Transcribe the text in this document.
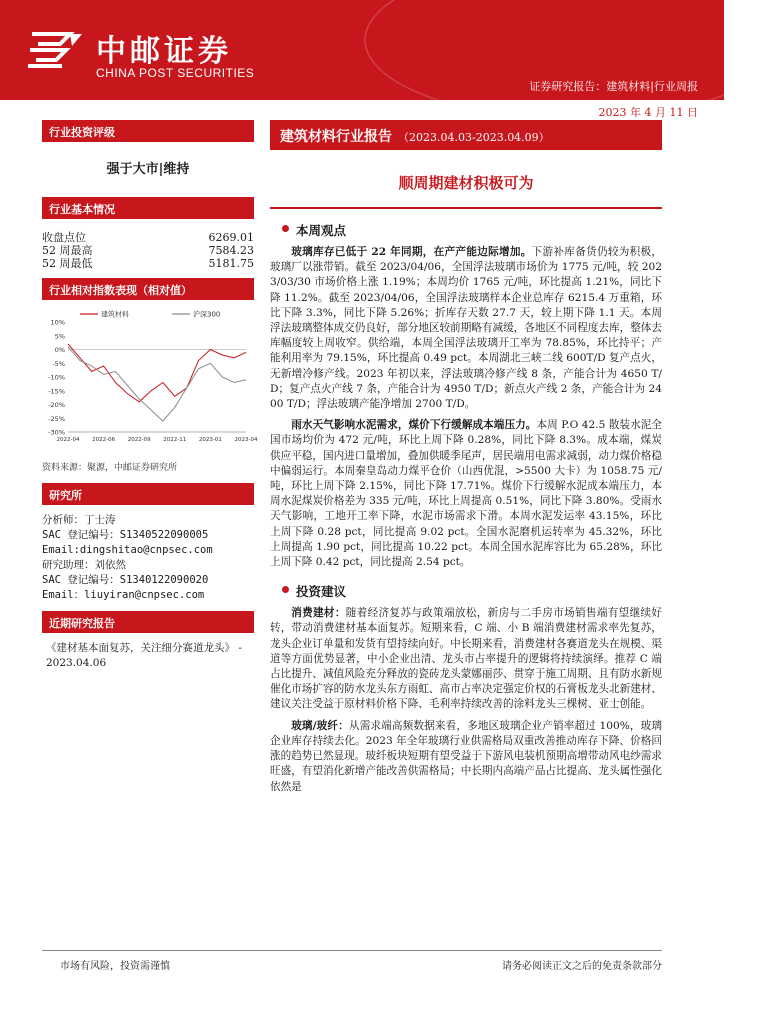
中邮证券
CHINA POST SECURITIES
证券研究报告：建筑材料|行业周报
2023 年 4 月 11 日
行业投资评级
强于大市|维持
行业基本情况
收盘点位	6269.01
52 周最高	7584.23
52 周最低	5181.75
行业相对指数表现（相对值）
10%
5%
0%
-5%
-10%
-15%
-20%
-25%
-30%
2022-04 2022-06 2022-09 2022-11 2023-01 2023-04
建筑材料	沪深300
资料来源：聚源，中邮证券研究所
研究所
分析师：丁士涛
SAC 登记编号：S1340522090005
Email:dingshitao@cnpsec.com
研究助理：刘依然
SAC 登记编号：S1340122090020
Email：liuyiran@cnpsec.com
近期研究报告
《建材基本面复苏，关注细分赛道龙头》 - 2023.04.06
建筑材料行业报告 （2023.04.03-2023.04.09）
顺周期建材积极可为
本周观点
玻璃库存已低于 22 年同期，在产产能边际增加。下游补库备货仍较为积极，玻璃厂以涨带销。截至 2023/04/06，全国浮法玻璃市场价为 1775 元/吨，较 2023/03/30 市场价格上涨 1.19%；本周均价 1765 元/吨，环比提高 1.21%，同比下降 11.2%。截至 2023/04/06，全国浮法玻璃样本企业总库存 6215.4 万重箱，环比下降 3.3%，同比下降 5.26%；折库存天数 27.7 天，较上期下降 1.1 天。本周浮法玻璃整体成交仍良好，部分地区较前期略有减缓，各地区不同程度去库，整体去库幅度较上周收窄。供给端，本周全国浮法玻璃开工率为 78.85%，环比持平；产能利用率为 79.15%，环比提高 0.49 pct。本周湖北三峡二线 600T/D 复产点火，无新增冷修产线。2023 年初以来，浮法玻璃冷修产线 8 条，产能合计为 4650 T/D；复产点火产线 7 条，产能合计为 4950 T/D；新点火产线 2 条，产能合计为 2400 T/D；浮法玻璃产能净增加 2700 T/D。
雨水天气影响水泥需求，煤价下行缓解成本端压力。本周 P.O 42.5 散装水泥全国市场均价为 472 元/吨，环比上周下降 0.28%，同比下降 8.3%。成本端，煤炭供应平稳，国内进口量增加，叠加供暖季尾声，居民端用电需求减弱，动力煤价格稳中偏弱运行。本周秦皇岛动力煤平仓价（山西优混，>5500 大卡）为 1058.75 元/吨，环比上周下降 2.15%，同比下降 17.71%。煤价下行缓解水泥成本端压力，本周水泥煤炭价格差为 335 元/吨，环比上周提高 0.51%，同比下降 3.80%。受雨水天气影响，工地开工率下降，水泥市场需求下滑。本周水泥发运率 43.15%，环比上周下降 0.28 pct，同比提高 9.02 pct。全国水泥磨机运转率为 45.32%，环比上周提高 1.90 pct，同比提高 10.22 pct。本周全国水泥库容比为 65.28%，环比上周下降 0.42 pct，同比提高 2.54 pct。
投资建议
消费建材：随着经济复苏与政策端放松，新房与二手房市场销售端有望继续好转，带动消费建材基本面复苏。短期来看，C 端、小 B 端消费建材需求率先复苏，龙头企业订单量和发货有望持续向好。中长期来看，消费建材各赛道龙头在规模、渠道等方面优势显著，中小企业出清、龙头市占率提升的逻辑将持续演绎。推荐 C 端占比提升、减值风险充分释放的瓷砖龙头蒙娜丽莎、贯穿于施工周期、且有防水新规催化市场扩容的防水龙头东方雨虹、高市占率决定强定价权的石膏板龙头北新建材、建议关注受益于原材料价格下降、毛利率持续改善的涂料龙头三棵树、亚士创能。
玻璃/玻纤：从需求端高频数据来看，多地区玻璃企业产销率超过 100%，玻璃企业库存持续去化。2023 年全年玻璃行业供需格局双重改善推动库存下降、价格回涨的趋势已然显现。玻纤板块短期有望受益于下游风电装机预期高增带动风电纱需求旺盛，有望消化新增产能改善供需格局；中长期内高端产品占比提高、龙头属性强化依然是
市场有风险，投资需谨慎	请务必阅读正文之后的免责条款部分
